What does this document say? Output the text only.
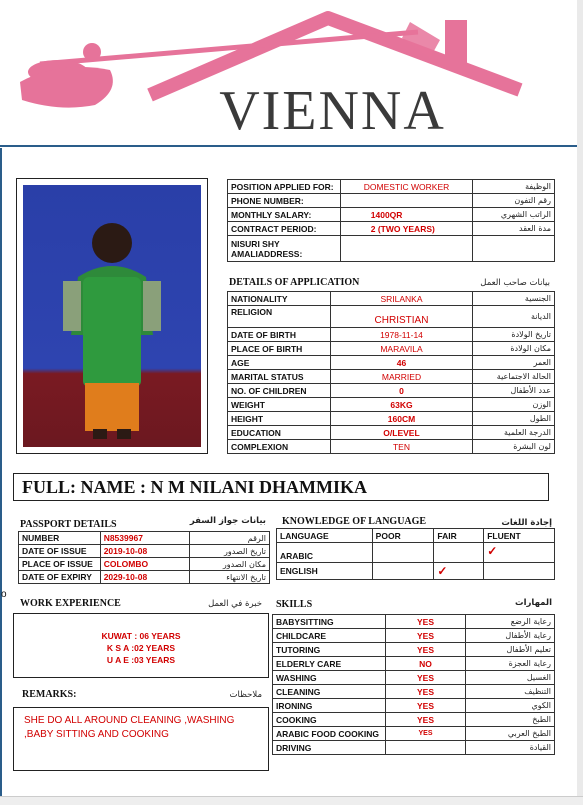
VIENNA
POSITION APPLIED FOR:	DOMESTIC WORKER	الوظيفة
PHONE NUMBER:		رقم التفون
MONTHLY SALARY:	1400QR	الراتب الشهري
CONTRACT PERIOD:	2 (TWO YEARS)	مدة العقد
NISURI SHY AMALIADDRESS:		
DETAILS OF APPLICATION	بيانات صاحب العمل
NATIONALITY	SRILANKA	الجنسية
RELIGION	CHRISTIAN	الديانة
DATE OF BIRTH	1978-11-14	تاريخ الولادة
PLACE OF BIRTH	MARAVILA	مكان الولادة
AGE	46	العمر
MARITAL STATUS	MARRIED	الحالة الاجتماعية
NO. OF CHILDREN	0	عدد الأطفال
WEIGHT	63KG	الوزن
HEIGHT	160CM	الطول
EDUCATION	O/LEVEL	الدرجة العلمية
COMPLEXION	TEN	لون البشرة
FULL: NAME : N M NILANI DHAMMIKA
PASSPORT DETAILS	بيانات جواز السفر
NUMBER	N8539967	الرقم
DATE OF ISSUE	2019-10-08	تاريخ الصدور
PLACE OF ISSUE	COLOMBO	مكان الصدور
DATE OF EXPIRY	2029-10-08	تاريخ الانتهاء
KNOWLEDGE OF LANGUAGE	إجادة اللغات
LANGUAGE	POOR	FAIR	FLUENT
ARABIC			✓
ENGLISH		✓	
o
WORK EXPERIENCE	خبرة في العمل
KUWAT : 06 YEARS
K S A :02 YEARS
U A E :03 YEARS
REMARKS:	ملاحظات
SHE DO ALL AROUND CLEANING ,WASHING ,BABY SITTING AND COOKING
SKILLS	المهارات
BABYSITTING	YES	رعاية الرضع
CHILDCARE	YES	رعاية الأطفال
TUTORING	YES	تعليم الأطفال
ELDERLY CARE	NO	رعاية العجزة
WASHING	YES	الغسيل
CLEANING	YES	التنظيف
IRONING	YES	الكوي
COOKING	YES	الطبخ
ARABIC FOOD COOKING	YES	الطبخ العربي
DRIVING		القيادة
